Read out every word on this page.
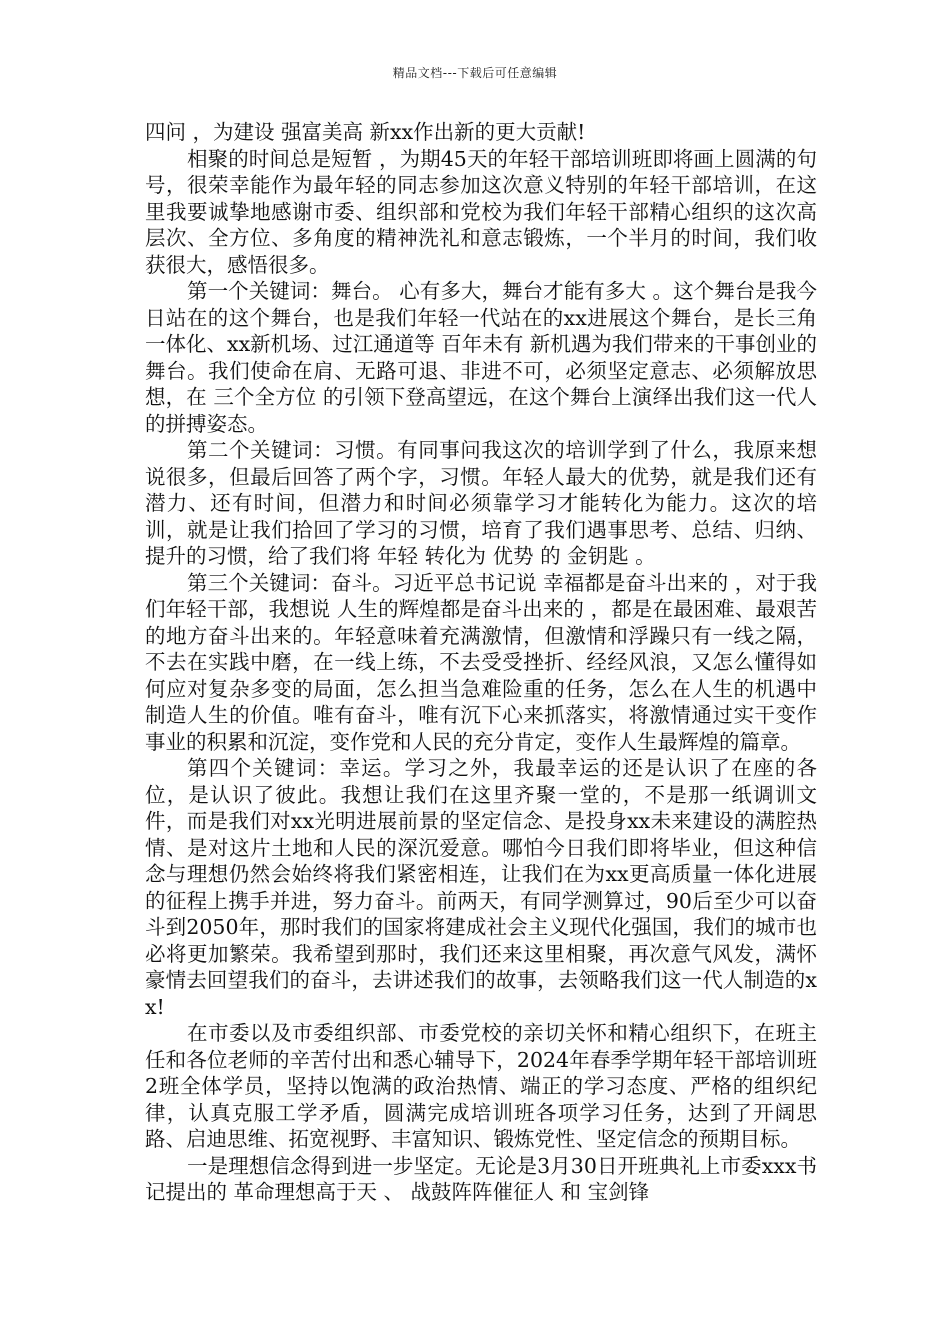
精品文档---下载后可任意编辑

四问 ，为建设 强富美高 新xx作出新的更大贡献!

相聚的时间总是短暂 ，为期45天的年轻干部培训班即将画上圆满的句号，很荣幸能作为最年轻的同志参加这次意义特别的年轻干部培训，在这里我要诚挚地感谢市委、组织部和党校为我们年轻干部精心组织的这次高层次、全方位、多角度的精神洗礼和意志锻炼，一个半月的时间，我们收获很大，感悟很多。

第一个关键词：舞台。 心有多大，舞台才能有多大 。这个舞台是我今日站在的这个舞台，也是我们年轻一代站在的xx进展这个舞台，是长三角一体化、xx新机场、过江通道等 百年未有 新机遇为我们带来的干事创业的舞台。我们使命在肩、无路可退、非进不可，必须坚定意志、必须解放思想，在 三个全方位 的引领下登高望远，在这个舞台上演绎出我们这一代人的拼搏姿态。

第二个关键词：习惯。有同事问我这次的培训学到了什么，我原来想说很多，但最后回答了两个字，习惯。年轻人最大的优势，就是我们还有潜力、还有时间，但潜力和时间必须靠学习才能转化为能力。这次的培训，就是让我们拾回了学习的习惯，培育了我们遇事思考、总结、归纳、提升的习惯，给了我们将 年轻 转化为 优势 的 金钥匙 。

第三个关键词：奋斗。习近平总书记说 幸福都是奋斗出来的 ，对于我们年轻干部，我想说 人生的辉煌都是奋斗出来的 ，都是在最困难、最艰苦的地方奋斗出来的。年轻意味着充满激情，但激情和浮躁只有一线之隔，不去在实践中磨，在一线上练，不去受受挫折、经经风浪，又怎么懂得如何应对复杂多变的局面，怎么担当急难险重的任务，怎么在人生的机遇中制造人生的价值。唯有奋斗，唯有沉下心来抓落实，将激情通过实干变作事业的积累和沉淀，变作党和人民的充分肯定，变作人生最辉煌的篇章。

第四个关键词：幸运。学习之外，我最幸运的还是认识了在座的各位，是认识了彼此。我想让我们在这里齐聚一堂的，不是那一纸调训文件，而是我们对xx光明进展前景的坚定信念、是投身xx未来建设的满腔热情、是对这片土地和人民的深沉爱意。哪怕今日我们即将毕业，但这种信念与理想仍然会始终将我们紧密相连，让我们在为xx更高质量一体化进展的征程上携手并进，努力奋斗。前两天，有同学测算过，90后至少可以奋斗到2050年，那时我们的国家将建成社会主义现代化强国，我们的城市也必将更加繁荣。我希望到那时，我们还来这里相聚，再次意气风发，满怀豪情去回望我们的奋斗，去讲述我们的故事，去领略我们这一代人制造的xx!

在市委以及市委组织部、市委党校的亲切关怀和精心组织下，在班主任和各位老师的辛苦付出和悉心辅导下，2024年春季学期年轻干部培训班2班全体学员，坚持以饱满的政治热情、端正的学习态度、严格的组织纪律，认真克服工学矛盾，圆满完成培训班各项学习任务，达到了开阔思路、启迪思维、拓宽视野、丰富知识、锻炼党性、坚定信念的预期目标。

一是理想信念得到进一步坚定。无论是3月30日开班典礼上市委xxx书记提出的 革命理想高于天 、 战鼓阵阵催征人 和 宝剑锋
